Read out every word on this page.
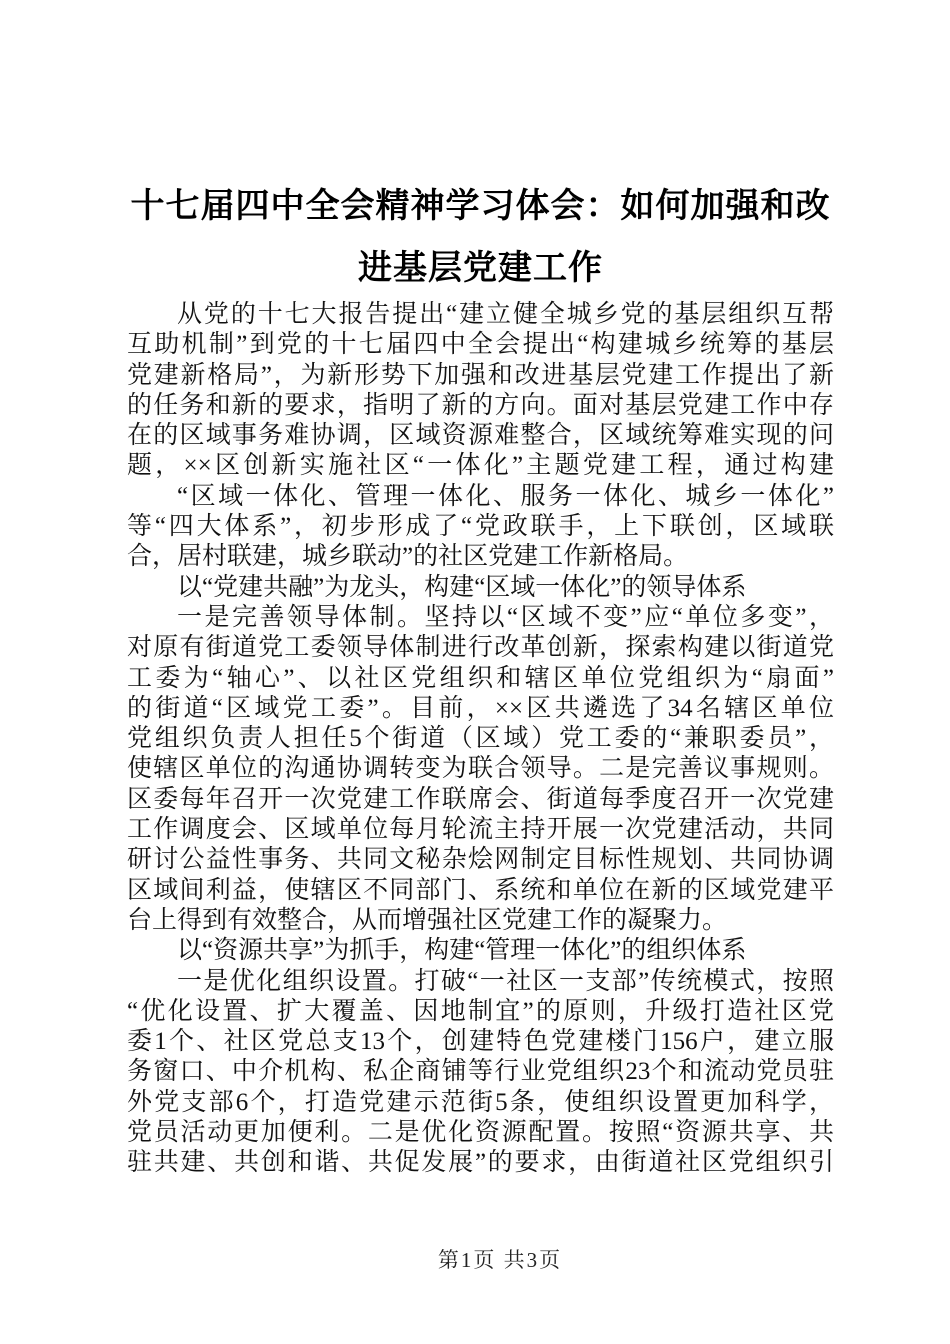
十七届四中全会精神学习体会：如何加强和改
进基层党建工作
从党的十七大报告提出“建立健全城乡党的基层组织互帮
互助机制”到党的十七届四中全会提出“构建城乡统筹的基层
党建新格局”，为新形势下加强和改进基层党建工作提出了新
的任务和新的要求，指明了新的方向。面对基层党建工作中存
在的区域事务难协调，区域资源难整合，区域统筹难实现的问
题，××区创新实施社区“一体化”主题党建工程，通过构建
“区域一体化、管理一体化、服务一体化、城乡一体化”
等“四大体系”，初步形成了“党政联手，上下联创，区域联
合，居村联建，城乡联动”的社区党建工作新格局。
以“党建共融”为龙头，构建“区域一体化”的领导体系
一是完善领导体制。坚持以“区域不变”应“单位多变”，
对原有街道党工委领导体制进行改革创新，探索构建以街道党
工委为“轴心”、以社区党组织和辖区单位党组织为“扇面”
的街道“区域党工委”。目前，××区共遴选了34名辖区单位
党组织负责人担任5个街道（区域）党工委的“兼职委员”，
使辖区单位的沟通协调转变为联合领导。二是完善议事规则。
区委每年召开一次党建工作联席会、街道每季度召开一次党建
工作调度会、区域单位每月轮流主持开展一次党建活动，共同
研讨公益性事务、共同文秘杂烩网制定目标性规划、共同协调
区域间利益，使辖区不同部门、系统和单位在新的区域党建平
台上得到有效整合，从而增强社区党建工作的凝聚力。
以“资源共享”为抓手，构建“管理一体化”的组织体系
一是优化组织设置。打破“一社区一支部”传统模式，按照
“优化设置、扩大覆盖、因地制宜”的原则，升级打造社区党
委1个、社区党总支13个，创建特色党建楼门156户，建立服
务窗口、中介机构、私企商铺等行业党组织23个和流动党员驻
外党支部6个，打造党建示范街5条，使组织设置更加科学，
党员活动更加便利。二是优化资源配置。按照“资源共享、共
驻共建、共创和谐、共促发展”的要求，由街道社区党组织引
第1页 共3页
